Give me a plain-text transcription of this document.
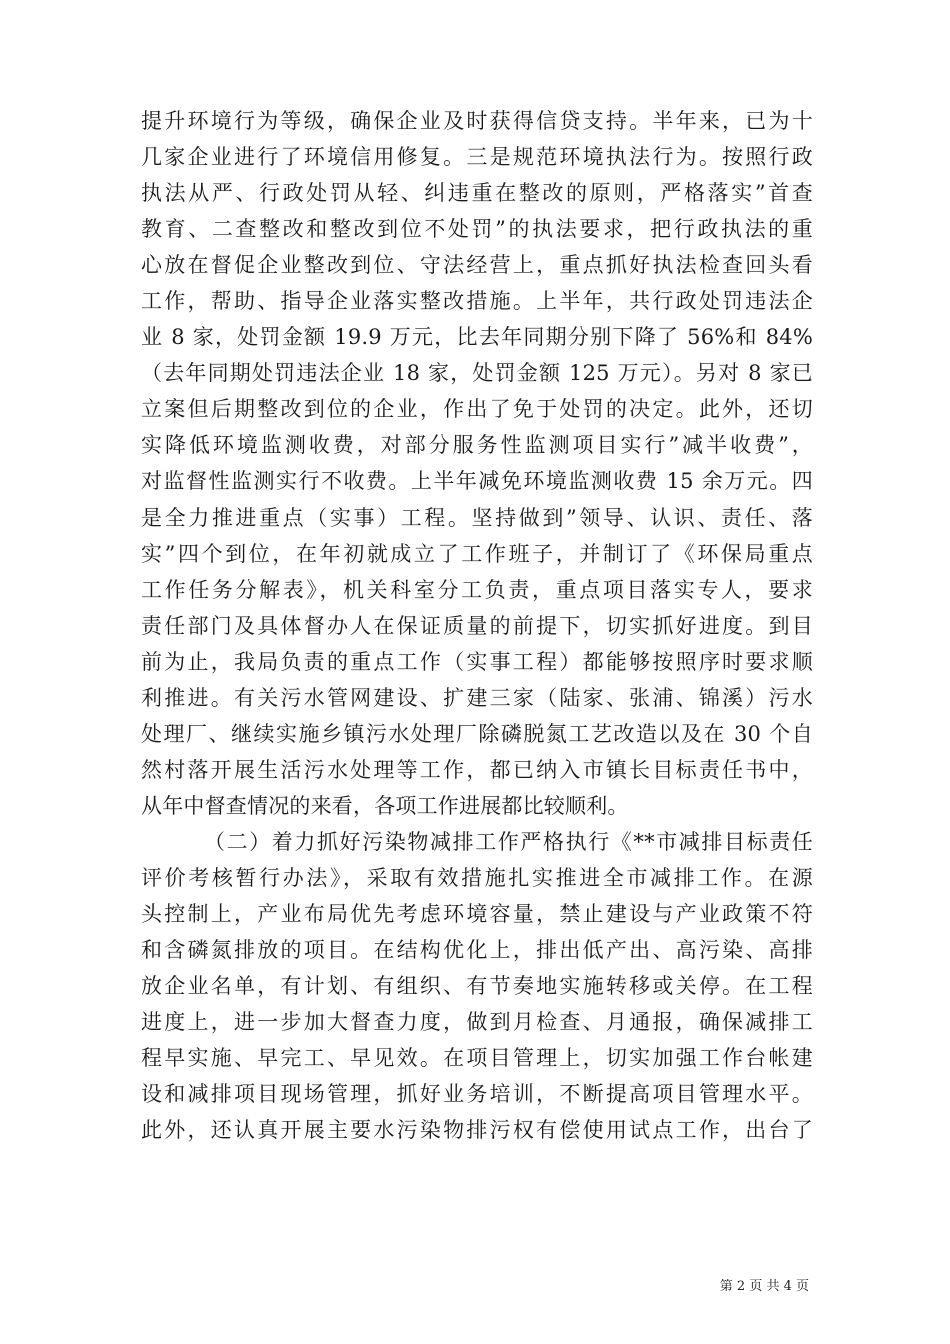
提升环境行为等级，确保企业及时获得信贷支持。半年来，已为十
几家企业进行了环境信用修复。三是规范环境执法行为。按照行政
执法从严、行政处罚从轻、纠违重在整改的原则，严格落实”首查
教育、二查整改和整改到位不处罚”的执法要求，把行政执法的重
心放在督促企业整改到位、守法经营上，重点抓好执法检查回头看
工作，帮助、指导企业落实整改措施。上半年，共行政处罚违法企
业 8 家，处罚金额 19.9 万元，比去年同期分别下降了 56%和 84%
（去年同期处罚违法企业 18 家，处罚金额 125 万元）。另对 8 家已
立案但后期整改到位的企业，作出了免于处罚的决定。此外，还切
实降低环境监测收费，对部分服务性监测项目实行”减半收费”，
对监督性监测实行不收费。上半年减免环境监测收费 15 余万元。四
是全力推进重点（实事）工程。坚持做到”领导、认识、责任、落
实”四个到位，在年初就成立了工作班子，并制订了《环保局重点
工作任务分解表》，机关科室分工负责，重点项目落实专人，要求
责任部门及具体督办人在保证质量的前提下，切实抓好进度。到目
前为止，我局负责的重点工作（实事工程）都能够按照序时要求顺
利推进。有关污水管网建设、扩建三家（陆家、张浦、锦溪）污水
处理厂、继续实施乡镇污水处理厂除磷脱氮工艺改造以及在 30 个自
然村落开展生活污水处理等工作，都已纳入市镇长目标责任书中，
从年中督查情况的来看，各项工作进展都比较顺利。
（二）着力抓好污染物减排工作严格执行《**市减排目标责任
评价考核暂行办法》，采取有效措施扎实推进全市减排工作。在源
头控制上，产业布局优先考虑环境容量，禁止建设与产业政策不符
和含磷氮排放的项目。在结构优化上，排出低产出、高污染、高排
放企业名单，有计划、有组织、有节奏地实施转移或关停。在工程
进度上，进一步加大督查力度，做到月检查、月通报，确保减排工
程早实施、早完工、早见效。在项目管理上，切实加强工作台帐建
设和减排项目现场管理，抓好业务培训，不断提高项目管理水平。
此外，还认真开展主要水污染物排污权有偿使用试点工作，出台了
第 2 页 共 4 页
